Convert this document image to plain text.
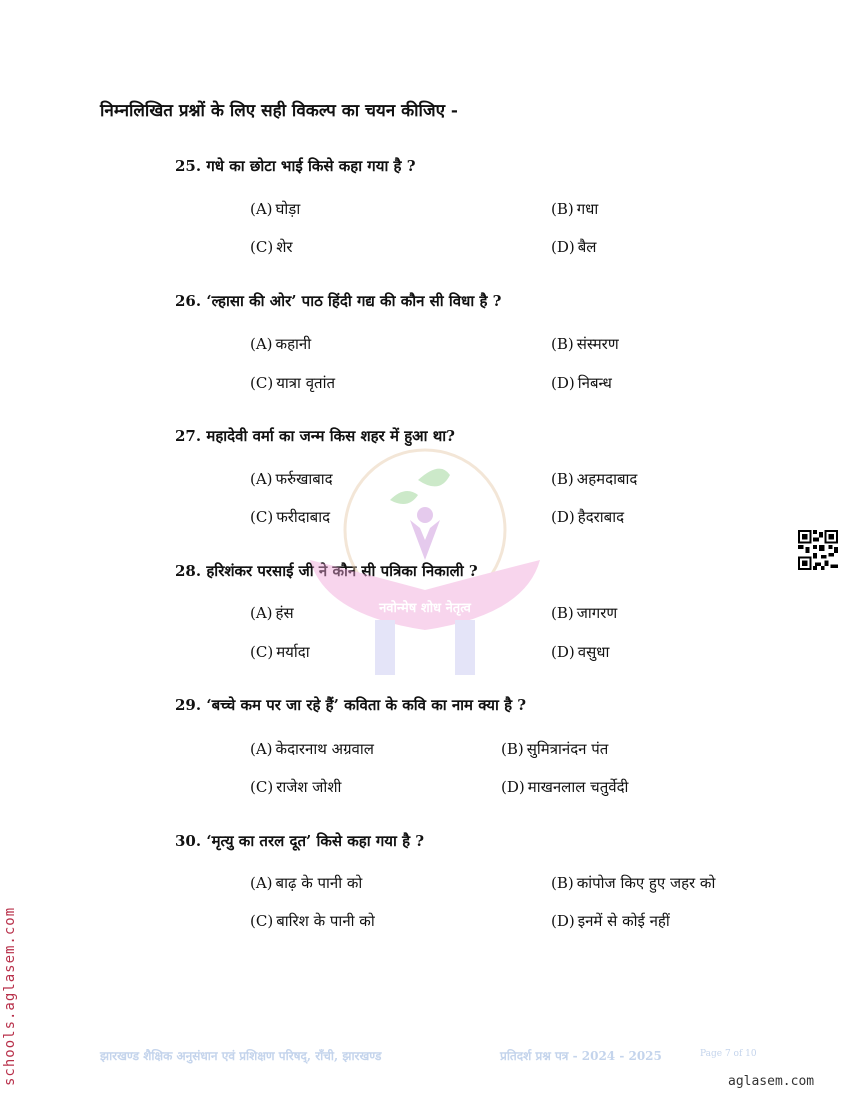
निम्नलिखित प्रश्नों के लिए सही विकल्प का चयन कीजिए -
25. गधे का छोटा भाई किसे कहा गया है ?
(A) घोड़ा	(B) गधा
(C) शेर	(D) बैल
26. ‘ल्हासा की ओर’ पाठ हिंदी गद्य की कौन सी विधा है ?
(A) कहानी	(B) संस्मरण
(C) यात्रा वृतांत	(D) निबन्ध
27. महादेवी वर्मा का जन्म किस शहर में हुआ था?
(A) फर्रुखाबाद	(B) अहमदाबाद
(C) फरीदाबाद	(D) हैदराबाद
28. हरिशंकर परसाई जी ने कौन सी पत्रिका निकाली ?
(A) हंस	(B) जागरण
(C) मर्यादा	(D) वसुधा
29. ‘बच्चे कम पर जा रहे हैं’ कविता के कवि का नाम क्या है ?
(A) केदारनाथ अग्रवाल	(B) सुमित्रानंदन पंत
(C) राजेश जोशी	(D) माखनलाल चतुर्वेदी
30. ‘मृत्यु का तरल दूत’ किसे कहा गया है ?
(A) बाढ़ के पानी को	(B) कांपोज किए हुए जहर को
(C) बारिश के पानी को	(D) इनमें से कोई नहीं
नवोन्मेष शोध नेतृत्व
schools.aglasem.com	झारखण्ड शैक्षिक अनुसंधान एवं प्रशिक्षण परिषद्, राँची, झारखण्ड	प्रतिदर्श प्रश्न पत्र - 2024 - 2025	Page 7 of 10
aglasem.com
